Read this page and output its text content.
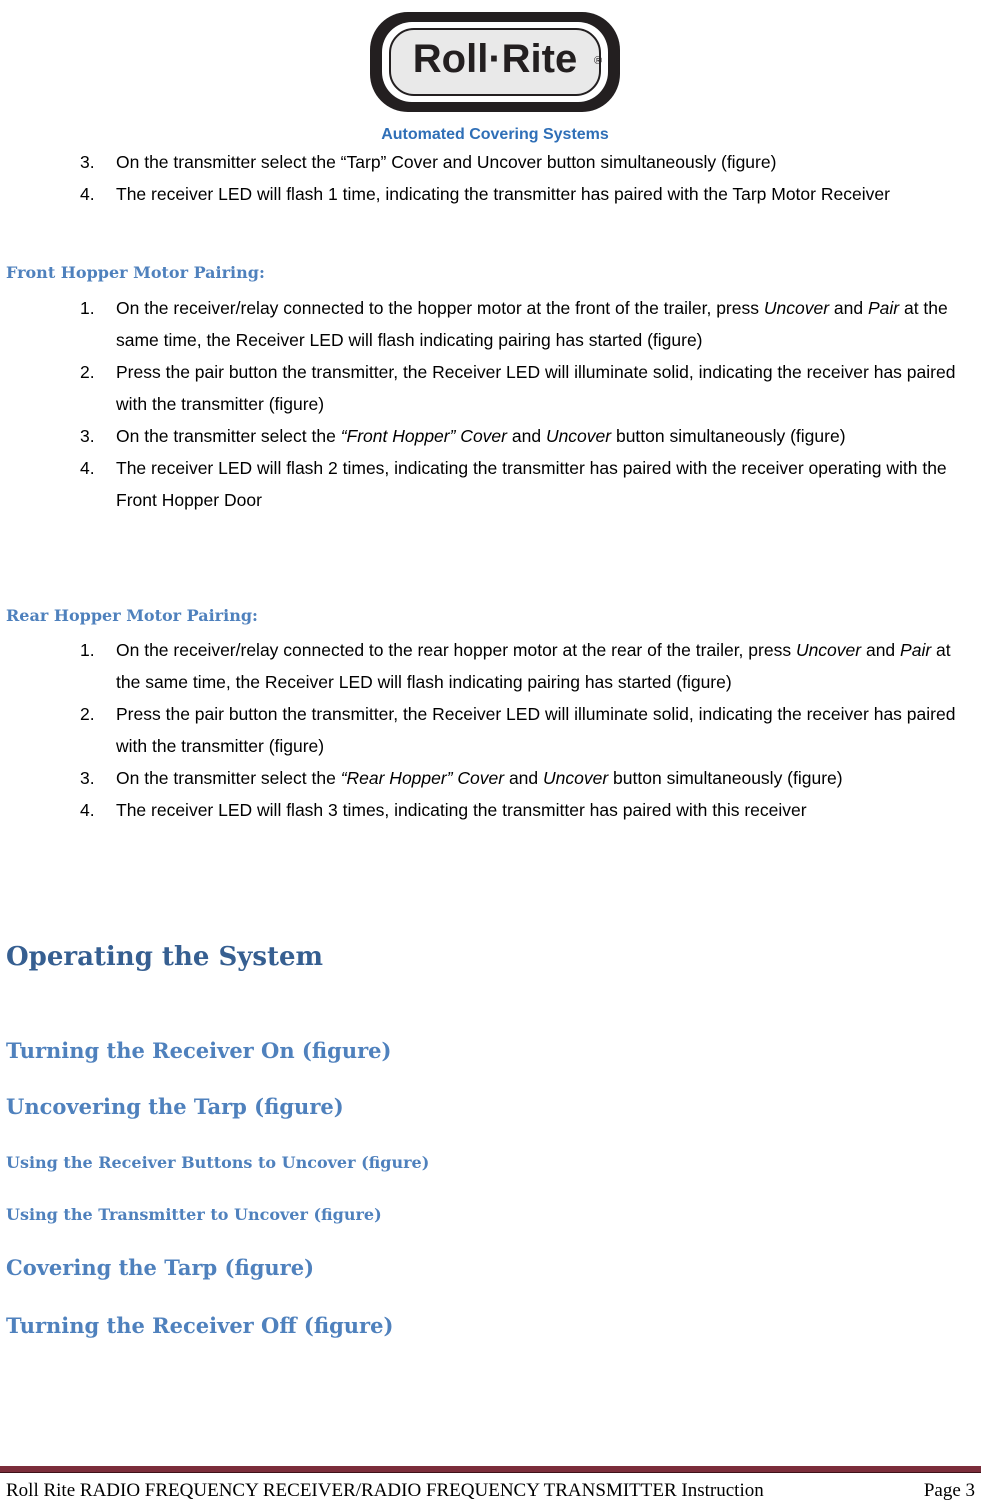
Roll·Rite ®
Automated Covering Systems
3. On the transmitter select the “Tarp” Cover and Uncover button simultaneously (figure)
4. The receiver LED will flash 1 time, indicating the transmitter has paired with the Tarp Motor Receiver
Front Hopper Motor Pairing:
1. On the receiver/relay connected to the hopper motor at the front of the trailer, press Uncover and Pair at the same time, the Receiver LED will flash indicating pairing has started (figure)
2. Press the pair button the transmitter, the Receiver LED will illuminate solid, indicating the receiver has paired with the transmitter (figure)
3. On the transmitter select the “Front Hopper” Cover and Uncover button simultaneously (figure)
4. The receiver LED will flash 2 times, indicating the transmitter has paired with the receiver operating with the Front Hopper Door
Rear Hopper Motor Pairing:
1. On the receiver/relay connected to the rear hopper motor at the rear of the trailer, press Uncover and Pair at the same time, the Receiver LED will flash indicating pairing has started (figure)
2. Press the pair button the transmitter, the Receiver LED will illuminate solid, indicating the receiver has paired with the transmitter (figure)
3. On the transmitter select the “Rear Hopper” Cover and Uncover button simultaneously (figure)
4. The receiver LED will flash 3 times, indicating the transmitter has paired with this receiver
Operating the System
Turning the Receiver On (figure)
Uncovering the Tarp (figure)
Using the Receiver Buttons to Uncover (figure)
Using the Transmitter to Uncover (figure)
Covering the Tarp (figure)
Turning the Receiver Off (figure)
Roll Rite RADIO FREQUENCY RECEIVER/RADIO FREQUENCY TRANSMITTER Instruction	Page 3
